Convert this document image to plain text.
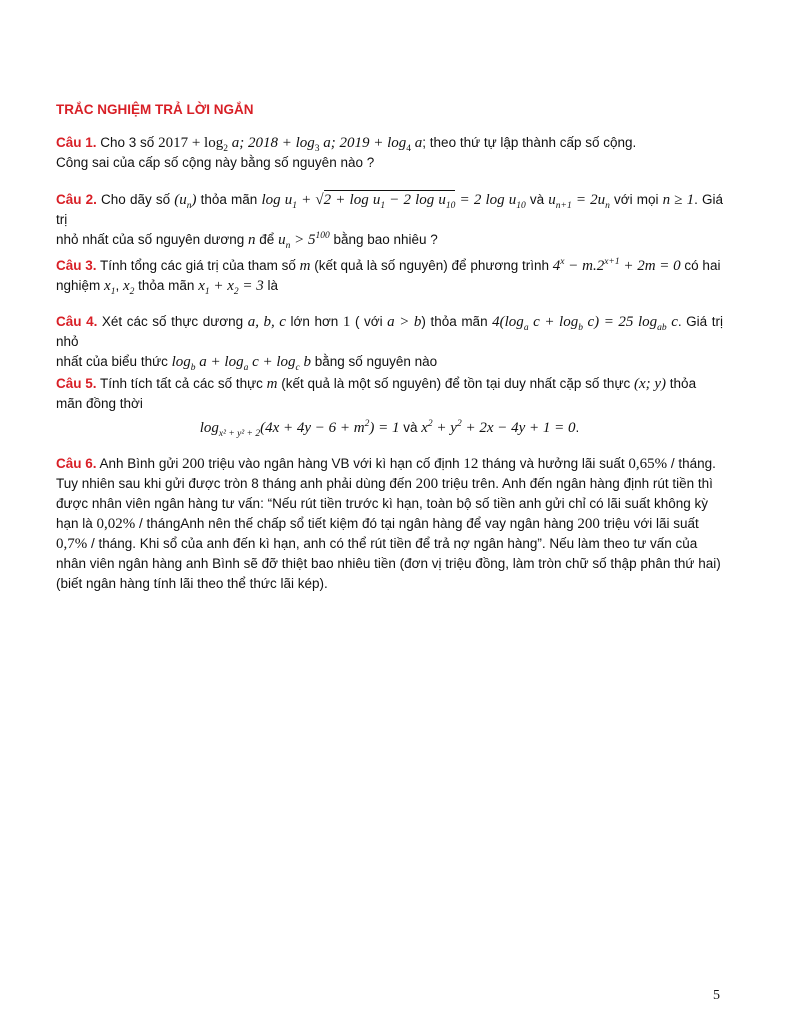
TRẮC NGHIỆM TRẢ LỜI NGẮN
Câu 1. Cho 3 số $2017 + \log_2 a$; $2018 + \log_3 a$; $2019 + \log_4 a$; theo thứ tự lập thành cấp số cộng.
Công sai của cấp số cộng này bằng số nguyên nào ?
Câu 2. Cho dãy số $(u_n)$ thỏa mãn $\log u_1 + √2 + \log u_1 - 2$ $\log u_{10} = 2$ $\log u_{10}$ và $u_{n+1} = 2u_n$ với mọi n ≥ 1. Giá trị
nhỏ nhất của số nguyên dương n để $u_n > 5^{100}$ bằng bao nhiêu ?
Câu 3. Tính tổng các giá trị của tham số m (kết quả là số nguyên) để phương trình $4^x - m.2^{x+1} + 2m = 0$ có hai
nghiệm $x_1$, $x_2$ thỏa mãn $x_1 + x_2 = 3$ là
Câu 4. Xét các số thực dương a, b, c lớn hơn 1 ( với a > b) thỏa mãn $4(\log_a$ $c + \log_b c) = 25$ $\log_{ab} c$. Giá trị nhỏ
nhất của biểu thức $\log_b a + \log_a c + \log_c b$ bằng số nguyên nào
Câu 5. Tính tích tất cả các số thực m (kết quả là một số nguyên) để tồn tại duy nhất cặp số thực (x; y) thỏa
mãn đồng thời
$\log_{x^2 + y^2 + 2}(4x + 4y - 6 + m^2) = 1$ và $x^2 + y^2 + 2x - 4y + 1 = 0$.
Câu 6. Anh Bình gửi 200 triệu vào ngân hàng VB với kì hạn cố định 12 tháng và hưởng lãi suất 0,65% / tháng.
Tuy nhiên sau khi gửi được tròn 8 tháng anh phải dùng đến 200 triệu trên. Anh đến ngân hàng định rút tiền thì
được nhân viên ngân hàng tư vấn: “Nếu rút tiền trước kì hạn, toàn bộ số tiền anh gửi chỉ có lãi suất không kỳ
hạn là 0,02% / thángAnh nên thế chấp sổ tiết kiệm đó tại ngân hàng để vay ngân hàng 200 triệu với lãi suất
0,7% / tháng. Khi sổ của anh đến kì hạn, anh có thể rút tiền để trả nợ ngân hàng”. Nếu làm theo tư vấn của
nhân viên ngân hàng anh Bình sẽ đỡ thiệt bao nhiêu tiền (đơn vị triệu đồng, làm tròn chữ số thập phân thứ hai)
(biết ngân hàng tính lãi theo thể thức lãi kép).
5
